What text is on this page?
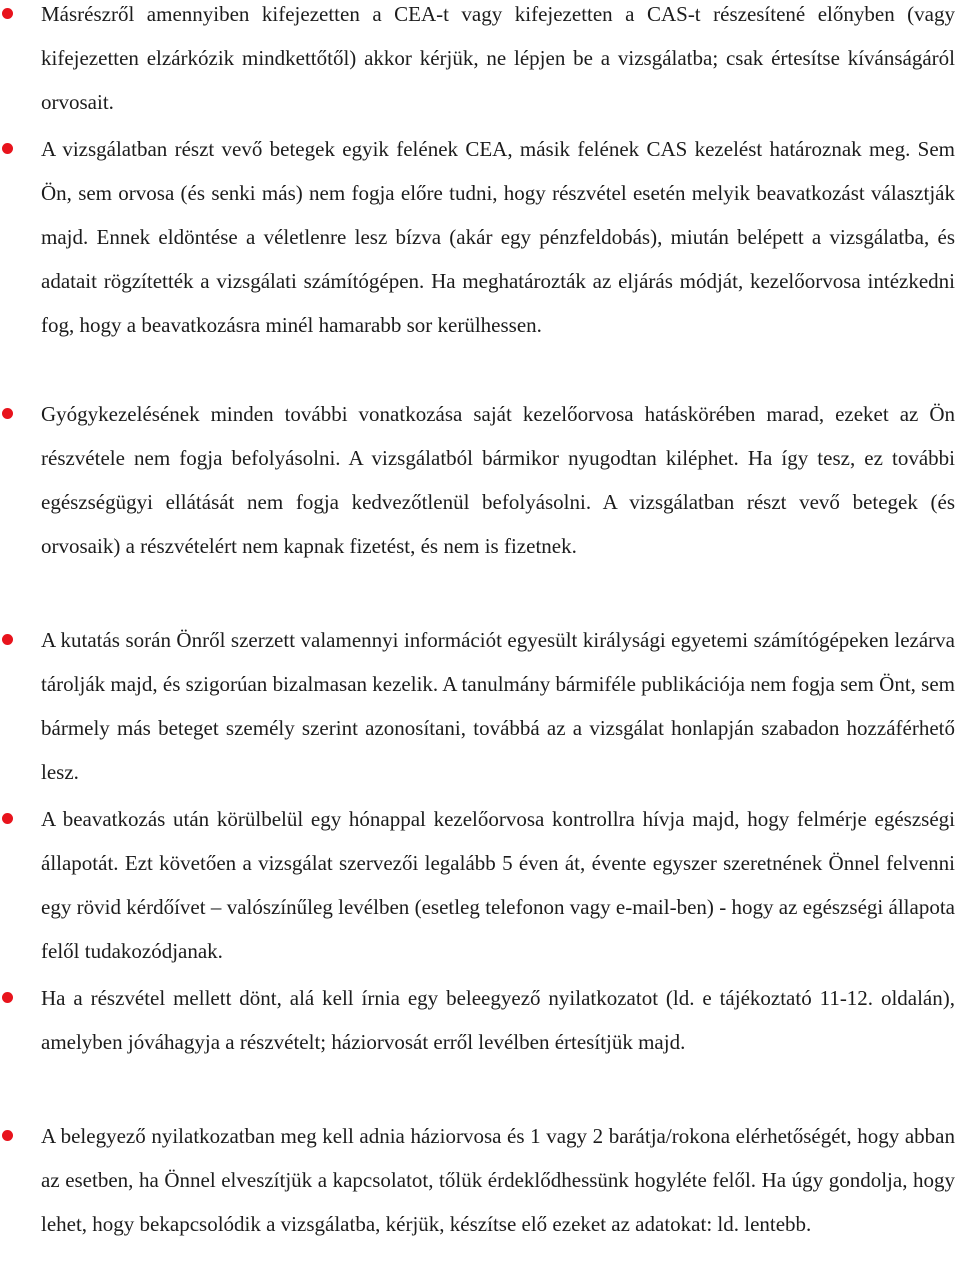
Másrészről amennyiben kifejezetten a CEA-t vagy kifejezetten a CAS-t részesítené előnyben (vagy kifejezetten elzárkózik mindkettőtől) akkor kérjük, ne lépjen be a vizsgálatba; csak értesítse kívánságáról orvosait.

A vizsgálatban részt vevő betegek egyik felének CEA, másik felének CAS kezelést határoznak meg. Sem Ön, sem orvosa (és senki más) nem fogja előre tudni, hogy részvétel esetén melyik beavatkozást választják majd. Ennek eldöntése a véletlenre lesz bízva (akár egy pénzfeldobás), miután belépett a vizsgálatba, és adatait rögzítették a vizsgálati számítógépen. Ha meghatározták az eljárás módját, kezelőorvosa intézkedni fog, hogy a beavatkozásra minél hamarabb sor kerülhessen.

Gyógykezelésének minden további vonatkozása saját kezelőorvosa hatáskörében marad, ezeket az Ön részvétele nem fogja befolyásolni. A vizsgálatból bármikor nyugodtan kiléphet. Ha így tesz, ez további egészségügyi ellátását nem fogja kedvezőtlenül befolyásolni. A vizsgálatban részt vevő betegek (és orvosaik) a részvételért nem kapnak fizetést, és nem is fizetnek.

A kutatás során Önről szerzett valamennyi információt egyesült királysági egyetemi számítógépeken lezárva tárolják majd, és szigorúan bizalmasan kezelik. A tanulmány bármiféle publikációja nem fogja sem Önt, sem bármely más beteget személy szerint azonosítani, továbbá az a vizsgálat honlapján szabadon hozzáférhető lesz.

A beavatkozás után körülbelül egy hónappal kezelőorvosa kontrollra hívja majd, hogy felmérje egészségi állapotát. Ezt követően a vizsgálat szervezői legalább 5 éven át, évente egyszer szeretnének Önnel felvenni egy rövid kérdőívet – valószínűleg levélben (esetleg telefonon vagy e-mail-ben) - hogy az egészségi állapota felől tudakozódjanak.

Ha a részvétel mellett dönt, alá kell írnia egy beleegyező nyilatkozatot (ld. e tájékoztató 11-12. oldalán), amelyben jóváhagyja a részvételt; háziorvosát erről levélben értesítjük majd.

A belegyező nyilatkozatban meg kell adnia háziorvosa és 1 vagy 2 barátja/rokona elérhetőségét, hogy abban az esetben, ha Önnel elveszítjük a kapcsolatot, tőlük érdeklődhessünk hogyléte felől. Ha úgy gondolja, hogy lehet, hogy bekapcsolódik a vizsgálatba, kérjük, készítse elő ezeket az adatokat: ld. lentebb.
